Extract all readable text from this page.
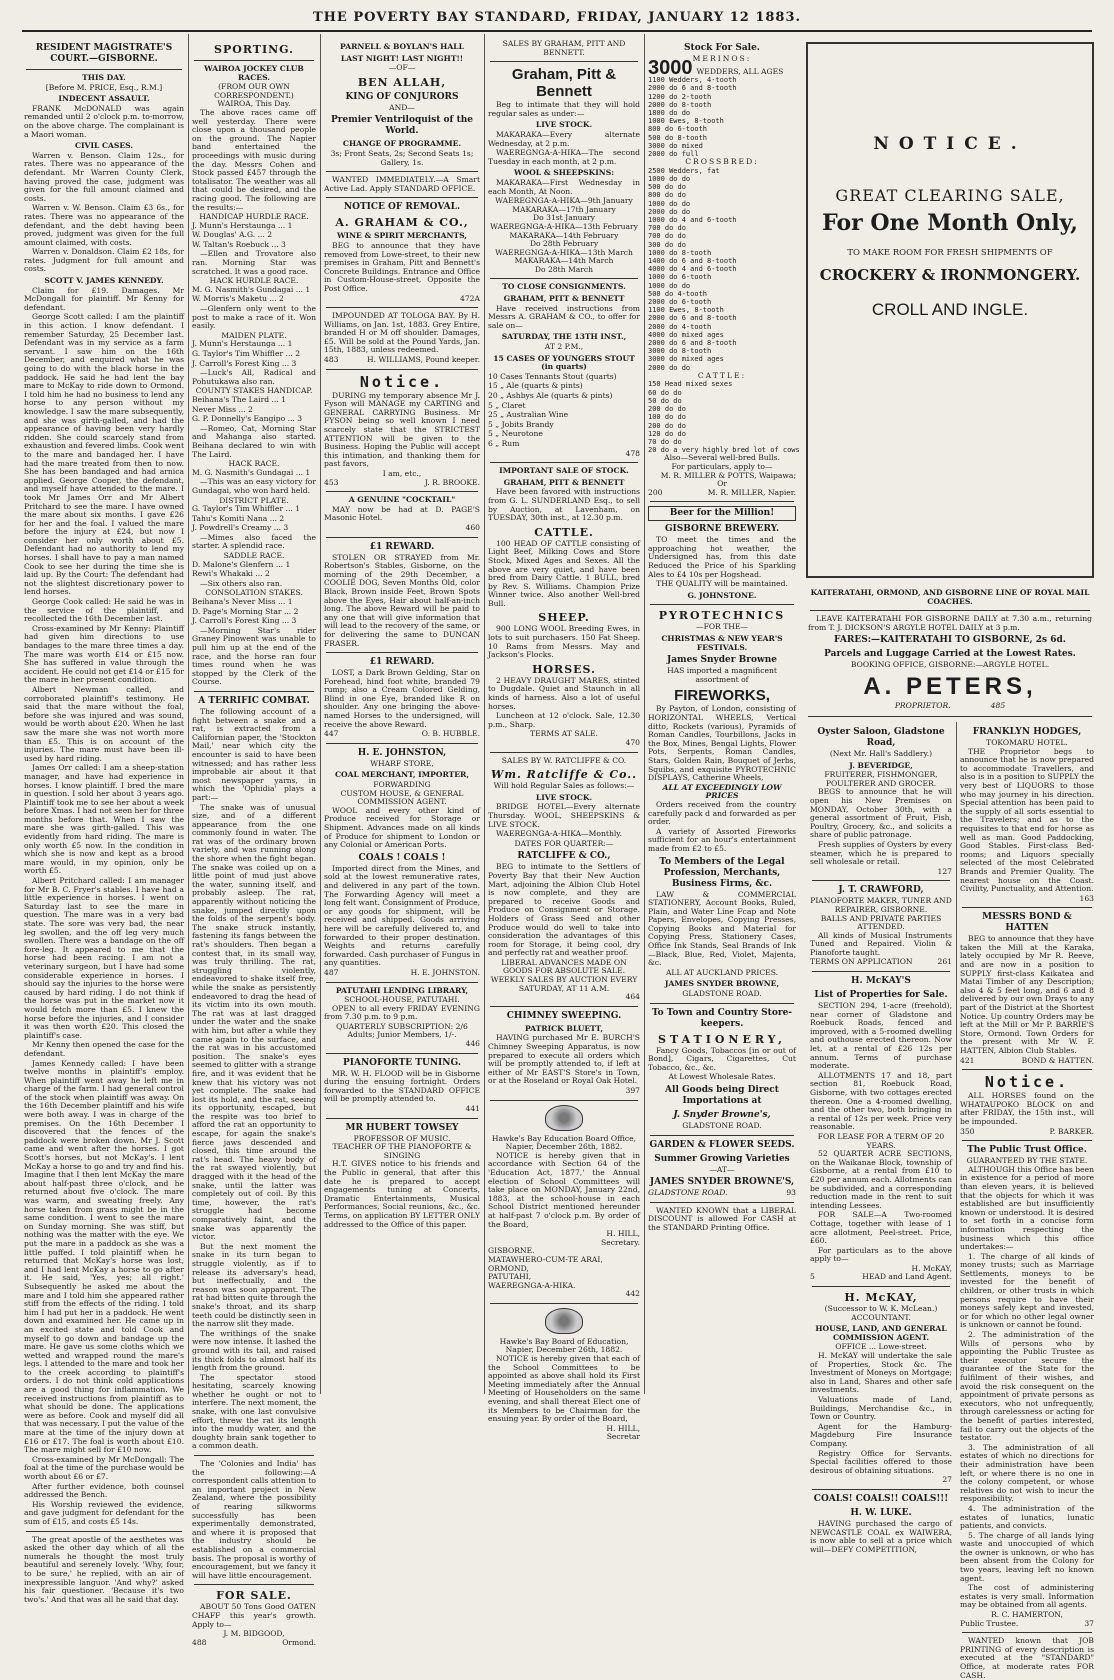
THE POVERTY BAY STANDARD, FRIDAY, JANUARY 12 1883.
RESIDENT MAGISTRATE'S COURT.—GISBORNE.
THIS DAY.
[Before M. PRICE, Esq., R.M.]
INDECENT ASSAULT.

FRANK McDONALD was again remanded until 2 o'clock p.m. to-morrow, on the above charge. The complainant is a Maori woman.

CIVIL CASES.

Warren v. Benson. Claim 12s., for rates. There was no appearance of the defendant. Mr Warren County Clerk, having proved the case, judgment was given for the full amount claimed and costs.

Warren v. W. Benson. Claim £3 6s., for rates. There was no appearance of the defendant, and the debt having been proved, judgment was given for the full amount claimed, with costs.

Warren v. Donaldson. Claim £2 18s, for rates. Judgment for full amount and costs.

SCOTT V. JAMES KENNEDY.

Claim for £19. Damages. Mr McDongall for plaintiff. Mr Kenny for defendant.

George Scott called: I am the plaintiff in this action. I know defendant. I remember Saturday, 25 December last. Defendant was in my service as a farm servant. I saw him on the 16th December, and enquired what he was going to do with the black horse in the paddock. He said he had lent the bay mare to McKay to ride down to Ormond. I told him he had no business to lend any horse to any person without my knowledge. I saw the mare subsequently, and she was girth-galled, and had the appearance of having been very hardly ridden. She could scarcely stand from exhaustion and fevered limbs. Cook went to the mare and bandaged her. I have had the mare treated from then to now. She has been bandaged and had arnica applied. George Cooper, the defendant, and myself have attended to the mare. I took Mr James Orr and Mr Albert Pritchard to see the mare. I have owned the mare about six months. I gave £26 for her and the foal. I valued the mare before the injury at £24, but now I consider her only worth about £5. Defendant had no authority to lend my horses. I shall have to pay a man named Cook to see her during the time she is laid up. By the Court: The defendant had not the slightest discretionary power to lend horses.

George Cook called: He said he was in the service of the plaintiff, and recollected the 16th December last.

Cross-examined by Mr Kenny: Plaintiff had given him directions to use bandages to the mare three times a day. The mare was worth £14 or £15 now. She has suffered in value through the accident. He could not get £14 or £15 for the mare in her present condition.

Albert Newman called, and corroborated plaintiff's testimony. He said that the mare without the foal, before she was injured and was sound, would be worth about £20. When he last saw the mare she was not worth more than £5. This is on account of the injuries. The mare must have been ill-used by hard riding.

James Orr called: I am a sheep-station manager, and have had experience in horses. I know plaintiff. I bred the mare in question. I sold her about 3 years ago. Plaintiff took me to see her about a week before Xmas. I had not seen her for three months before that. When I saw the mare she was girth-galled. This was evidently from hard riding. The mare is only worth £5 now. In the condition in which she is now and kept as a brood mare would, in my opinion, only be worth £5.

Albert Pritchard called: I am manager for Mr B. C. Fryer's stables. I have had a little experience in horses. I went on Saturday last to see the mare in question. The mare was in a very bad state. The sore was very bad, the near leg swollen, and the off leg very much swollen. There was a bandage on the off fore-leg. It appeared to me that the horse had been racing. I am not a veterinary surgeon, but I have had some considerable experience in horses. I should say the injuries to the horse were caused by hard riding. I do not think if the horse was put in the market now it would fetch more than £5. I knew the horse before the injuries, and I consider it was then worth £20. This closed the plaintiff's case.

Mr Kenny then opened the case for the defendant.

James Kennedy called: I have been twelve months in plaintiff's employ. When plaintiff went away he left me in charge of the farm. I had general control of the stock when plaintiff was away. On the 16th December plaintiff and his wife were both away. I was in charge of the premises. On the 16th December I discovered that the fences of the paddock were broken down. Mr J. Scott came and went after the horses. I got Scott's horses, but not McKay's. I lent McKay a horse to go and try and find his. Imagine that I then lent McKay the mare about half-past three o'clock, and he returned about five o'clock. The mare was warm, and sweating freely. Any horse taken from grass might be in the same condition. I went to see the mare on Sunday morning. She was stiff, but nothing was the matter with the eye. We put the mare in a paddock as she was a little puffed. I told plaintiff when he returned that McKay's horse was lost, and I had lent McKay a horse to go after it. He said, 'Yes, yes; all right.' Subsequently he asked me about the mare and I told him she appeared rather stiff from the effects of the riding. I told him I had put her in a paddock. He went down and examined her. He came up in an excited state and told Cook and myself to go down and bandage up the mare. He gave us some cloths which we wetted and wrapped round the mare's legs. I attended to the mare and took her to the creek according to plaintiff's orders. I do not think cold applications are a good thing for inflammation. We received instructions from plaintiff as to what should be done. The applications were as before. Cook and myself did all that was necessary. I put the value of the mare at the time of the injury down at £16 or £17. The foal is worth about £10. The mare might sell for £10 now.

Cross-examined by Mr McDongall: The foal at the time of the purchase would be worth about £6 or £7.

After further evidence, both counsel addressed the Bench.

His Worship reviewed the evidence, and gave judgment for defendant for the sum of £15, and costs £5 14s.

The great apostle of the aesthetes was asked the other day which of all the numerals he thought the most truly beautiful and serenely lovely. 'Why, four, to be sure,' he replied, with an air of inexpressible languor. 'And why?' asked his fair questioner. 'Because it's two two's.' And that was all he said that day.

SPORTING.
WAIROA JOCKEY CLUB RACES.
(FROM OUR OWN CORRESPONDENT.)
WAIROA, This Day.

The above races came off well yesterday. There were close upon a thousand people on the ground. The Napier band entertained the proceedings with music during the day. Messrs Cohen and Stock passed £457 through the totalisator. The weather was all that could be desired, and the racing good. The following are the results:—

HANDICAP HURDLE RACE.
J. Munn's Herstaunga ... 1
W. Douglas' A.G. ... 2
W. Taltan's Roebuck ... 3

—Ellen and Trovatore also ran. Morning Star was scratched. It was a good race.

HACK HURDLE RACE.
M. G. Nasmith's Gundagai ... 1
W. Morris's Maketu ... 2

—Glenfern only went to the post to make a race of it. Won easily.

MAIDEN PLATE.
J. Munn's Herstaunga ... 1
G. Taylor's Tim Whiffler ... 2
J. Carroll's Forest King ... 3

—Luck's All, Radical and Pohutukawa also ran.

COUNTY STAKES HANDICAP.
Beihana's The Laird ... 1
Never Miss ... 2
G. P. Donnelly's Eangipo ... 3

—Romeo, Cat, Morning Star and Mahanga also started. Beihana declared to win with The Laird.

HACK RACE.
M. G. Nasmith's Gundagai ... 1

—This was an easy victory for Gundagai, who won hard held.

DISTRICT PLATE.
G. Taylor's Tim Whiffler ... 1
Tahu's Komiti Nana ... 2
J. Powdrell's Creamy ... 3

—Mimes also faced the starter. A splendid race.

SADDLE RACE.
D. Malone's Glenfern ... 1
Rewi's Whakaki ... 2

—Six others also ran.

CONSOLATION STAKES.
Beihana's Never Miss ... 1
D. Page's Morning Star ... 2
J. Carroll's Forest King ... 3

—Morning Star's rider Graney Pinowent was unable to pull him up at the end of the race, and the horse ran four times round when he was stopped by the Clerk of the Course.

A TERRIFIC COMBAT.

The following account of a fight between a snake and a rat, is extracted from a Californian paper, the 'Stockton Mail,' near which city the encounter is said to have been witnessed; and has rather less improbable air about it that most newspaper yarns, in which the 'Ophidia' plays a part:—

The snake was of unusual size, and of a different appearance from the one commonly found in water. The rat was of the ordinary brown variety, and was running along the shore when the fight began. The snake was coiled up on a little point of mud just above the water, sunning itself, and probably asleep. The rat, apparently without noticing the snake, jumped directly upon the folds of the serpent's body. The snake struck instantly, fastening its fangs between the rat's shoulders. Then began a contest that, in its small way, was truly thrilling. The rat, struggling violently, endeavored to shake itself free, while the snake as persistently endeavored to drag the head of its victim into its own mouth. The rat was at last dragged under the water and the snake with him, but after a while they came again to the surface, and the rat was in his accustomed position. The snake's eyes seemed to glitter with a strange fire, and it was evident that he knew that his victory was not yet complete. The snake had lost its hold, and the rat, seeing its opportunity, escaped, but the respite was too brief to afford the rat an opportunity to escape, for again the snake's fierce jaws descended and closed, this time around the rat's head. The heavy body of the rat swayed violently, but dragged with it the head of the snake, until the latter was completely out of coil. By this time, however, the rat's struggle had become comparatively faint, and the snake was apparently the victor.

But the next moment the snake in its turn began to struggle violently, as if to release its adversary's head, but ineffectually, and the reason was soon apparent. The rat had bitten quite through the snake's throat, and its sharp teeth could be distinctly seen in the narrow slit they made.

The writhings of the snake were now intense. It lashed the ground with its tail, and raised its thick folds to almost half its length from the ground.

The spectator stood hesitating, scarcely knowing whether he ought or not to interfere. The next moment, the snake, with one last convulsive effort, threw the rat its length into the muddy water, and the doughty brain sank together to a common death.

The 'Colonies and India' has the following:—A correspondent calls attention to an important project in New Zealand, where the possibility of rearing silkworms successfully has been experimentally demonstrated, and where it is proposed that the industry should be established on a commercial basis. The proposal is worthy of encouragement, but we fancy it will have little encouragement.

FOR SALE.

ABOUT 50 Tons Good OATEN CHAFF this year's growth. Apply to—

J. M. BIDGOOD,
488	Ormond.
PARNELL & BOYLAN'S HALL
LAST NIGHT! LAST NIGHT!!
—OF—
BEN ALLAH,
KING OF CONJURORS
AND—
Premier Ventriloquist of the World.
CHANGE OF PROGRAMME.
3s; Front Seats, 2s; Second Seats 1s; Gallery, 1s.

WANTED IMMEDIATELY.—A Smart Active Lad. Apply STANDARD OFFICE.

NOTICE OF REMOVAL.
A. GRAHAM & CO.,
WINE & SPIRIT MERCHANTS,

BEG to announce that they have removed from Lowe-street, to their new premises in Graham, Pitt and Bennett's Concrete Buildings. Entrance and Office in Custom-House-street, Opposite the Post Office.

472A

IMPOUNDED AT TOLOGA BAY. By H. Williams, on Jan. 1st, 1883. Grey Entire, branded H or M off shoulder. Damages, £5. Will be sold at the Pound Yards, Jan. 15th, 1883, unless redeemed.

483	H. WILLIAMS, Pound keeper.
Notice.

DURING my temporary absence Mr J. Fyson will MANAGE my CARTING and GENERAL CARRYING Business. Mr FYSON being so well known I need scarcely state that the STRICTEST ATTENTION will be given to the Business. Hoping the Public will accept this intimation, and thanking them for past favors,

I am, etc.,
453	J. R. BROOKE.
A GENUINE "COCKTAIL"

MAY now be had at D. PAGE'S Masonic Hotel.

460
£1 REWARD.

STOLEN OR STRAYED from Mr. Robertson's Stables, Gisborne, on the morning of the 29th December, a COOLIE DOG, Seven Months Old, color Black, Brown inside Feet, Brown Spots above the Eyes, Hair about half-an-inch long. The above Reward will be paid to any one that will give information that will lead to the recovery of the same, or for delivering the same to DUNCAN FRASER.

£1 REWARD.

LOST, a Dark Brown Gelding, Star on Forehead, hind foot white, branded 79 rump; also a Cream Colored Gelding, Blind in one Eye, branded like R on shoulder. Any one bringing the above-named Horses to the undersigned, will receive the above Reward.

447	O. B. HUBBLE.
H. E. JOHNSTON,
WHARF STORE,
COAL MERCHANT, IMPORTER,
FORWARDING
CUSTOM HOUSE, & GENERAL COMMISSION AGENT.

WOOL and every other kind of Produce received for Storage or Shipment. Advances made on all kinds of Produce for shipment to London or any Colonial or American Ports.

COALS ! COALS !

Imported direct from the Mines, and sold at the lowest remunerative rates, and delivered in any part of the town. The Forwarding Agency will meet a long felt want. Consignment of Produce, or any goods for shipment, will be received and shipped. Goods arriving here will be carefully delivered to, and forwarded to their proper destination. Weights and returns carefully forwarded. Cash purchaser of Fungus in any quantities.

487	H. E. JOHNSTON.
PATUTAHI LENDING LIBRARY,
SCHOOL-HOUSE, PATUTAHI.

OPEN to all every FRIDAY EVENING from 7.30 p.m. to 9 p.m.

QUARTERLY SUBSCRIPTION: 2/6 Adults; Junior Members, 1/-.
446
PIANOFORTE TUNING.

MR. W. H. FLOOD will be in Gisborne during the ensuing fortnight. Orders forwarded to the STANDARD OFFICE will be promptly attended to.

441
MR HUBERT TOWSEY
PROFESSOR OF MUSIC.
TEACHER OF THE PIANOFORTE & SINGING

H.T. GIVES notice to his friends and the Public in general, that after this date he is prepared to accept engagements tuning at Concerts, Dramatic Entertainments, Musical Performances, Social reunions, &c., &c. Terms, on application BY LETTER ONLY addressed to the Office of this paper.

SALES BY GRAHAM, PITT AND BENNETT.
Graham, Pitt & Bennett

Beg to intimate that they will hold regular sales as under:—

LIVE STOCK.

MAKARAKA—Every alternate Wednesday, at 2 p.m.

WAEREGNGA-A-HIKA—The second Tuesday in each month, at 2 p.m.

WOOL & SHEEPSKINS:

MAKARAKA—First Wednesday in each Month, At Noon.

WAEREGNGA-A-HIKA—9th January
MAKARAKA—17th January
Do 31st January
WAEREGNGA-A-HIKA—13th February
MAKARAKA—14th February
Do 28th February
WAEREGNGA-A-HIKA—13th March
MAKARAKA—14th March
Do 28th March
TO CLOSE CONSIGNMENTS.
GRAHAM, PITT & BENNETT

Have received instructions from Messrs A. GRAHAM & CO., to offer for sale on—

SATURDAY, THE 13TH INST.,
AT 2 P.M.,
15 CASES OF YOUNGERS STOUT (in quarts)
10 Cases Tennants Stout (quarts)
15 „ Ale (quarts & pints)
20 „ Ashbys Ale (quarts & pints)
5 „ Claret
25 „ Australian Wine
5 „ Jobits Brandy
5 „ Neurotone
6 „ Rum
478
IMPORTANT SALE OF STOCK.
GRAHAM, PITT & BENNETT

Have been favored with instructions from G. L. SUNDERLAND Esq., to sell by Auction, at Lavenham, on TUESDAY, 30th inst., at 12.30 p.m.

CATTLE.

100 HEAD OF CATTLE consisting of Light Beef, Milking Cows and Store Stock, Mixed Ages and Sexes. All the above are very quiet, and have been bred from Dairy Cattle. 1 BULL, bred by Rev. S. Williams. Champion Prize Winner twice. Also another Well-bred Bull.

SHEEP.

900 LONG WOOL Breeding Ewes, in lots to suit purchasers. 150 Fat Sheep. 10 Rams from Messrs. May and Jackson's Flocks.

HORSES.

2 HEAVY DRAUGHT MARES, stinted to Dugdale. Quiet and Staunch in all kinds of harness. Also a lot of useful horses.

Luncheon at 12 o'clock. Sale, 12.30 p.m., Sharp.

TERMS AT SALE.
470
SALES BY W. RATCLIFFE & CO.
Wm. Ratcliffe & Co..
Will hold Regular Sales as follows:—
LIVE STOCK.

BRIDGE HOTEL—Every alternate Thursday. WOOL, SHEEPSKINS & LIVE STOCK.

WAEREGNGA-A-HIKA—Monthly.

DATES FOR QUARTER:—
RATCLIFFE & CO.,

BEG to intimate to the Settlers of Poverty Bay that their New Auction Mart, adjoining the Albion Club Hotel is now complete, and they are prepared to receive Goods and Produce on Consignment or Storage. Holders of Grass Seed and other Produce would do well to take into consideration the advantages of this room for Storage, it being cool, dry and perfectly rat and weather proof.

LIBERAL ADVANCES MADE ON GOODS FOR ABSOLUTE SALE.
WEEKLY SALES BY AUCTION EVERY SATURDAY, AT 11 A.M.
464
CHIMNEY SWEEPING.
PATRICK BLUETT,

HAVING purchased Mr E. BURCH'S Chimney Sweeping Apparatus, is now prepared to execute all orders which will be promptly attended to, if left at either of Mr EAST'S Store's in Town, or at the Roseland or Royal Oak Hotel.

397
Hawke's Bay Education Board Office, Napier, December 26th, 1882.

NOTICE is hereby given that in accordance with Section 64 of the 'Education Act, 1877,' the Annual election of School Committees will take place on MONDAY, January 22nd, 1883, at the school-house in each School District mentioned hereunder at half-past 7 o'clock p.m. By order of the Board,

H. HILL,
Secretary.
GISBORNE.
MATAWHERO-CUM-TE ARAI,
ORMOND,
PATUTAHI,
WAEREGNGA-A-HIKA.
442
Hawke's Bay Board of Education, Napier, December 26th, 1882.

NOTICE is hereby given that each of the School Committees to be appointed as above shall hold its First Meeting immediately after the Annual Meeting of Householders on the same evening, and shall thereat Elect one of its Members to be Chairman for the ensuing year. By order of the Board,

H. HILL,
Secretar
Stock For Sale.
MERINOS:
3000 WEDDERS, ALL AGES
1100 Wedders, 4-tooth
2000 do 6 and 8-tooth
1200 do 2-tooth
2000 do 8-tooth
1800 do do
1000 Ewes, 8-tooth
800 do 6-tooth
500 do 8-tooth
3000 do mixed
2000 do full
CROSSBRED:
2500 Wedders, fat
1000 do do
500 do do
800 do do
1000 do do
2000 do do
1000 do 4 and 6-tooth
700 do do
700 do do
300 do do
1000 do 8-tooth
1400 do 6 and 8-tooth
4000 do 4 and 6-tooth
1000 do 6-tooth
1000 do do
500 do 4-tooth
2000 do 6-tooth
1100 Ewes, 8-tooth
2000 do 6 and 8-tooth
2000 do 4-tooth
4000 do mixed ages
2000 do 6 and 8-tooth
3000 do 8-tooth
3000 do mixed ages
2000 do do
CATTLE:
150 Head mixed sexes
60 do do
50 do do
200 do do
100 do do
200 do do
120 do do
70 do do
20 do a very highly bred lot of cows
Also—Several well-bred Bulls.
For particulars, apply to—
M. R. MILLER & POTTS, Waipawa;
Or
200	M. R. MILLER, Napier.
Beer for the Million!
GISBORNE BREWERY.

TO meet the times and the approaching hot weather, the Undersigned has, from this date Reduced the Price of his Sparkling Ales to £4 10s per Hogshead.

THE QUALITY will be maintained.
G. JOHNSTONE.
PYROTECHNICS
—FOR THE—
CHRISTMAS & NEW YEAR'S FESTIVALS.
James Snyder Browne
HAS imported a magnificent assortment of
FIREWORKS,

By Payton, of London, consisting of HORIZONTAL WHEELS, Vertical ditto, Rockets (various), Pyramids of Roman Candles, Tourbillons, Jacks in the Box, Mines, Bengal Lights, Flower Pots, Serpents, Roman Candles, Stars, Golden Rain, Bouquet of Jerbs, Squibs, and exquisite PYROTECHNIC DISPLAYS, Catherine Wheels,

ALL AT EXCEEDINGLY LOW PRICES

Orders received from the country carefully pack d and forwarded as per order.

A variety of Assorted Fireworks sufficient for an hour's entertainment made from £2 to £5.

To Members of the Legal Profession, Merchants, Business Firms, &c.

LAW & COMMERCIAL STATIONERY, Account Books, Ruled, Plain, and Water Line Fcap and Note Papers, Envelopes, Copying Presses, Copying Books and Material for Copying Press, Stationery Cases, Office Ink Stands, Seal Brands of Ink—Black, Blue, Red, Violet, Majenta, &c.

ALL AT AUCKLAND PRICES.
JAMES SNYDER BROWNE,
GLADSTONE ROAD.
To Town and Country Store-keepers.
STATIONERY,

Fancy Goods, Tobaccos [in or out of Bond], Cigars, Cigarettes, Cut Tobacco, &c., &c.

At Lowest Wholesale Rates.
All Goods being Direct Importations at
J. Snyder Browne's,
GLADSTONE ROAD.
GARDEN & FLOWER SEEDS.
Summer Growing Varieties
—AT—
JAMES SNYDER BROWNE'S,
GLADSTONE ROAD.	93

WANTED KNOWN that a LIBERAL DISCOUNT is allowed For CASH at the STANDARD Printing Office.

NOTICE.
GREAT CLEARING SALE,
For One Month Only,
TO MAKE ROOM FOR FRESH SHIPMENTS OF
CROCKERY & IRONMONGERY.
CROLL AND INGLE.
KAITERATAHI, ORMOND, AND GISBORNE LINE OF ROYAL MAIL COACHES.

LEAVE KAITERATAHI FOR GISBORNE DAILY at 7.30 a.m., returning from T. J. DICKSON'S ARGYLE HOTEL DAILY at 3 p.m.

FARES:—KAITERATAHI TO GISBORNE, 2s 6d.
Parcels and Luggage Carried at the Lowest Rates.
BOOKING OFFICE, GISBORNE:—ARGYLE HOTEL.
A. PETERS,
PROPRIETOR.	485
Oyster Saloon, Gladstone Road,
(Next Mr. Hall's Saddlery.)
J. BEVERIDGE,
FRUITERER, FISHMONGER, POULTERER AND GROCER.

BEGS to announce that he will open his New Premises on MONDAY, October 30th, with a general assortment of Fruit, Fish, Poultry, Grocery, &c., and solicits a share of public patronage.

Fresh supplies of Oysters by every steamer, which he is prepared to sell wholesale or retail.

127
J. T. CRAWFORD,
PIANOFORTE MAKER, TUNER AND REPAIRER, GISBORNE.
BALLS AND PRIVATE PARTIES ATTENDED.

All kinds of Musical Instruments Tuned and Repaired. Violin & Pianoforte taught.

TERMS ON APPLICATION	261
H. McKAY'S
List of Properties for Sale.

SECTION 294, 1-acre (freehold), near corner of Gladstone and Roebuck Roads, fenced and improved, with a 5-roomed dwelling and outhouse erected thereon. Now let, at a rental of £26 12s per annum. Terms of purchase moderate.

ALLOTMENTS 17 and 18, part section 81, Roebuck Road, Gisborne, with two cottages erected thereon. One a 4-roomed dwelling, and the other two, both bringing in a rental of 12s per week. Price very reasonable.

FOR LEASE FOR A TERM OF 20 YEARS.

52 QUARTER ACRE SECTIONS, on the Waikanae Block, township of Gisborne, at a rental from £10 to £20 per annum each. Allotments can be subdivided, and a corresponding reduction made in the rent to suit intending Lessees.

FOR SALE—A Two-roomed Cottage, together with lease of 1 acre allotment, Peel-street. Price, £60.

For particulars as to the above apply to—

H. McKAY,
5	HEAD and Land Agent.
H. McKAY,
(Successor to W. K. McLean.)
ACCOUNTANT.
HOUSE, LAND, AND GENERAL COMMISSION AGENT.
OFFICE ... Lowe-street.

H. McKAY will undertake the sale of Properties, Stock &c. The Investment of Moneys on Mortgage; also in Land, Shares and other safe investments.

Valuations made of Land, Buildings, Merchandise &c., in Town or Country.

Agent for the Hamburg-Magdeburg Fire Insurance Company.

Registry Office for Servants. Special facilities offered to those desirous of obtaining situations.

27
COALS! COALS!! COALS!!!
H. W. LUKE.

HAVING purchased the cargo of NEWCASTLE COAL ex WAIWERA, is now able to sell at a price which will—DEFY COMPETITION,

FRANKLYN HODGES,
TOKOMARU HOTEL.

THE Proprietor begs to announce that he is now prepared to accommodate Travellers, and also is in a position to SUPPLY the very best of LIQUORS to those who may journey in his direction. Special attention has been paid to the supply of all sorts essential to the Travelers; and as to the requisites to that end for horse as well as man. Good Paddocking, Good Stables. First-class Bed-rooms; and Liquors specially selected of the most Celebrated Brands and Premier Quality. The nearest house on the Coast. Civility, Punctuality, and Attention.

163
MESSRS BOND & HATTEN

BEG to announce that they have taken the Mill at the Karaka, lately occupied by Mr R. Reeve, and are now in a position to SUPPLY first-class Kaikatea and Matai Timber of any Description; also 4 & 5 feet long, and 6 and 8 delivered by our own Drays to any part of the District at the Shortest Notice. Up country Orders may be left at the Mill or Mr P. BARRIE'S Store, Ormond. Town Orders for the present with Mr W. F. HATTEN, Albion Club Stables.

421	BOND & HATTEN.
Notice.

ALL HORSES found on the WHATAUPOKO BLOCK on and after FRIDAY, the 15th inst., will be impounded.

350	P. BARKER.
The Public Trust Office.
GUARANTEED BY THE STATE.

ALTHOUGH this Office has been in existence for a period of more than eleven years, it is believed that the objects for which it was established are but insufficiently known or understood. It is desired to set forth in a concise form information respecting the business which this office undertakes:—

1. The charge of all kinds of money trusts; such as Marriage Settlements, moneys to be invested for the benefit of children, or other trusts in which persons require to have their moneys safely kept and invested, or for which no other legal owner is unknown or cannot be found.

2. The administration of the Wills of persons who by appointing the Public Trustee as their executor secure the guarantee of the State for the fulfilment of their wishes, and avoid the risk consequent on the appointment of private persons as executors, who not unfrequently, through carelessness or acting for the benefit of parties interested, fail to carry out the objects of the testator.

3. The administration of all estates of which no directions for their administration have been left, or where there is no one in the colony competent, or whose relatives do not wish to incur the responsibility.

4. The administration of the estates of lunatics, lunatic patients, and convicts.

5. The charge of all lands lying waste and unoccupied of which the owner is unknown, or who has been absent from the Colony for two years, leaving left no known agent.

The cost of administering estates is very small. Information may be obtained from all agents.

R. C. HAMERTON,
Public Trustee.	37

WANTED known that JOB PRINTING of every description is executed at the "STANDARD" Office, at moderate rates FOR CASH.
